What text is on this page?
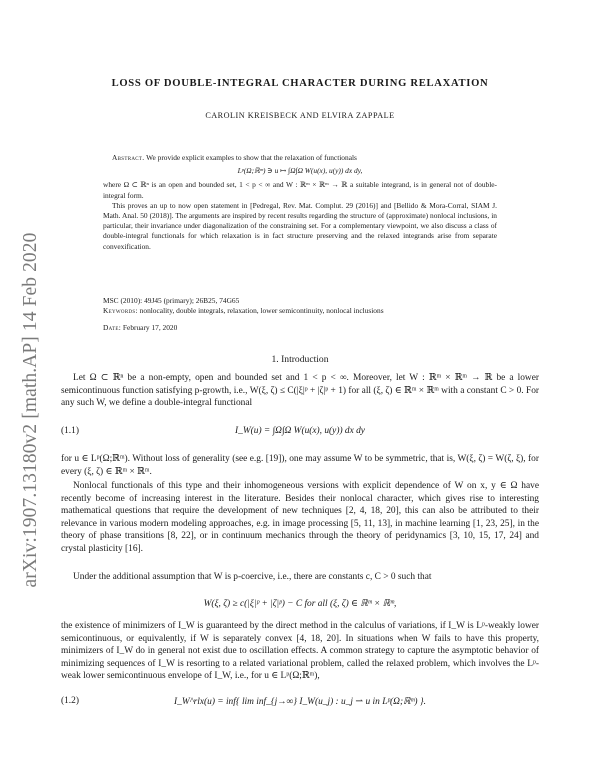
arXiv:1907.13180v2 [math.AP] 14 Feb 2020
LOSS OF DOUBLE-INTEGRAL CHARACTER DURING RELAXATION
CAROLIN KREISBECK AND ELVIRA ZAPPALE

Abstract. We provide explicit examples to show that the relaxation of functionals

Lᵖ(Ω;ℝᵐ) ∋ u ↦ ∫Ω∫Ω W(u(x), u(y)) dx dy,

where Ω ⊂ ℝⁿ is an open and bounded set, 1 < p < ∞ and W : ℝᵐ × ℝᵐ → ℝ a suitable integrand, is in general not of double-integral form.

This proves an up to now open statement in [Pedregal, Rev. Mat. Complut. 29 (2016)] and [Bellido & Mora-Corral, SIAM J. Math. Anal. 50 (2018)]. The arguments are inspired by recent results regarding the structure of (approximate) nonlocal inclusions, in particular, their invariance under diagonalization of the constraining set. For a complementary viewpoint, we also discuss a class of double-integral functionals for which relaxation is in fact structure preserving and the relaxed integrands arise from separate convexification.

MSC (2010): 49J45 (primary); 26B25, 74G65

Keywords: nonlocality, double integrals, relaxation, lower semicontinuity, nonlocal inclusions

Date: February 17, 2020

1. Introduction

Let Ω ⊂ ℝⁿ be a non-empty, open and bounded set and 1 < p < ∞. Moreover, let W : ℝᵐ × ℝᵐ → ℝ be a lower semicontinuous function satisfying p-growth, i.e., W(ξ, ζ) ≤ C(|ξ|ᵖ + |ζ|ᵖ + 1) for all (ξ, ζ) ∈ ℝᵐ × ℝᵐ with a constant C > 0. For any such W, we define a double-integral functional

(1.1)	I_W(u) = ∫Ω∫Ω W(u(x), u(y)) dx dy

for u ∈ Lᵖ(Ω;ℝᵐ). Without loss of generality (see e.g. [19]), one may assume W to be symmetric, that is, W(ξ, ζ) = W(ζ, ξ), for every (ξ, ζ) ∈ ℝᵐ × ℝᵐ.

Nonlocal functionals of this type and their inhomogeneous versions with explicit dependence of W on x, y ∈ Ω have recently become of increasing interest in the literature. Besides their nonlocal character, which gives rise to interesting mathematical questions that require the development of new techniques [2, 4, 18, 20], this can also be attributed to their relevance in various modern modeling approaches, e.g. in image processing [5, 11, 13], in machine learning [1, 23, 25], in the theory of phase transitions [8, 22], or in continuum mechanics through the theory of peridynamics [3, 10, 15, 17, 24] and crystal plasticity [16].

Under the additional assumption that W is p-coercive, i.e., there are constants c, C > 0 such that

W(ξ, ζ) ≥ c(|ξ|ᵖ + |ζ|ᵖ) − C for all (ξ, ζ) ∈ ℝᵐ × ℝᵐ,

the existence of minimizers of I_W is guaranteed by the direct method in the calculus of variations, if I_W is Lᵖ-weakly lower semicontinuous, or equivalently, if W is separately convex [4, 18, 20]. In situations when W fails to have this property, minimizers of I_W do in general not exist due to oscillation effects. A common strategy to capture the asymptotic behavior of minimizing sequences of I_W is resorting to a related variational problem, called the relaxed problem, which involves the Lᵖ-weak lower semicontinuous envelope of I_W, i.e., for u ∈ Lᵖ(Ω;ℝᵐ),

(1.2)	I_W^rlx(u) = inf{ lim inf_{j→∞} I_W(u_j) : u_j ⇀ u in Lᵖ(Ω;ℝᵐ) }.
